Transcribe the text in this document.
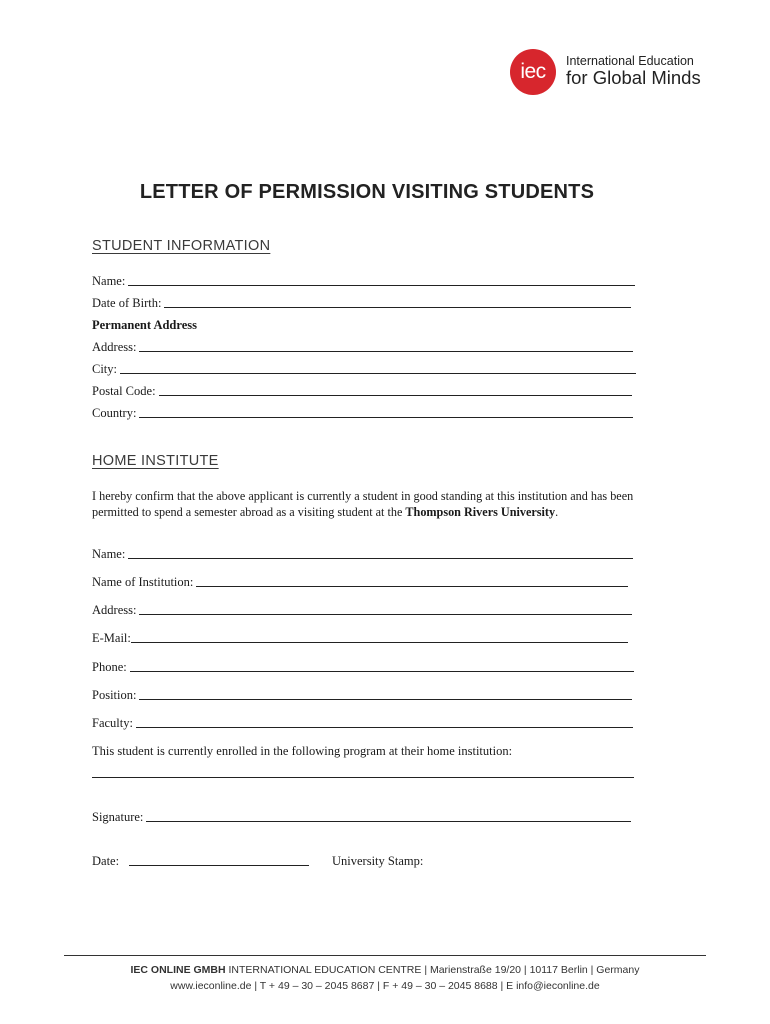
iec	International Education
for Global Minds
LETTER OF PERMISSION VISITING STUDENTS
STUDENT INFORMATION
Name:
Date of Birth:
Permanent Address
Address:
City:
Postal Code:
Country:
HOME INSTITUTE
I hereby confirm that the above applicant is currently a student in good standing at this institution and has been permitted to spend a semester abroad as a visiting student at the Thompson Rivers University.
Name:
Name of Institution:
Address:
E-Mail:
Phone:
Position:
Faculty:
This student is currently enrolled in the following program at their home institution:
Signature:
Date:	University Stamp:
IEC ONLINE GMBH INTERNATIONAL EDUCATION CENTRE | Marienstraße 19/20 | 10117 Berlin | Germany
www.ieconline.de | T + 49 – 30 – 2045 8687 | F + 49 – 30 – 2045 8688 | E info@ieconline.de
